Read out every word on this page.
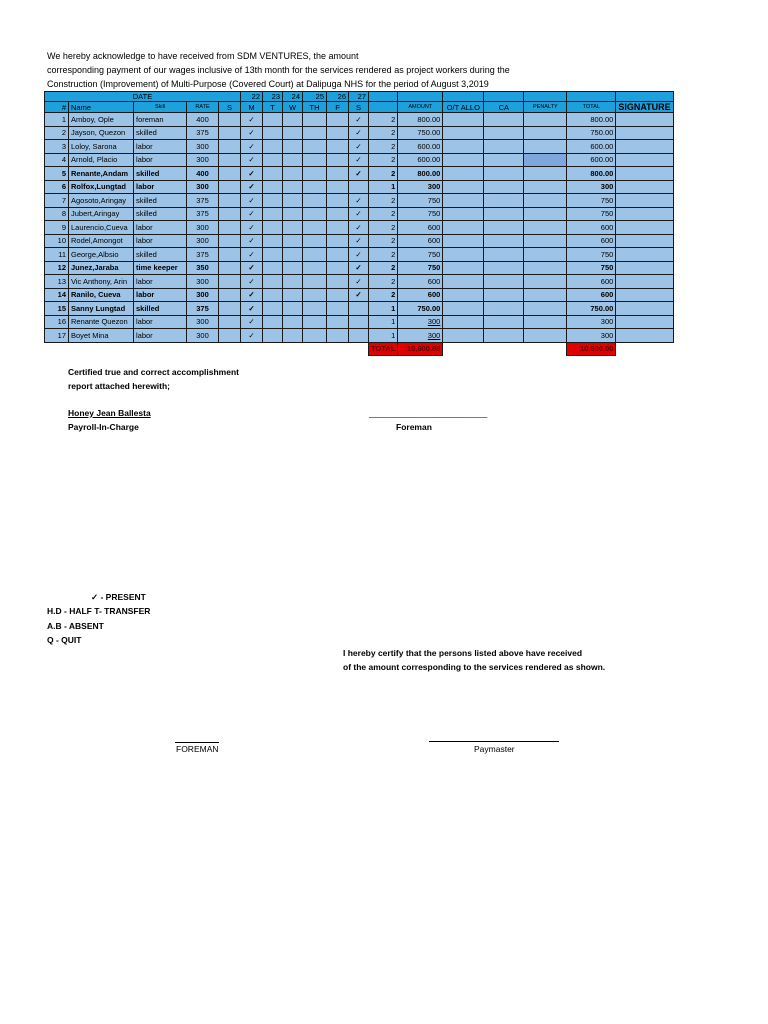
We hereby acknowledge to have received from SDM VENTURES, the amount
corresponding payment of our wages inclusive of 13th month for the services rendered as project workers during the
Construction (Improvement) of Multi-Purpose (Covered Court) at Dalipuga NHS for the period of August 3,2019
DATE					22	23	24	25	26	27							
#	Name	Skill	RATE	S	M	T	W	TH	F	S		AMOUNT	O/T ALLO	CA	PENALTY	TOTAL	SIGNATURE
1	Amboy, Ople	foreman	400		✓					✓	2	800.00				800.00	
2	Jayson, Quezon	skilled	375		✓					✓	2	750.00				750.00	
3	Loloy, Sarona	labor	300		✓					✓	2	600.00				600.00	
4	Arnold, Placio	labor	300		✓					✓	2	600.00				600.00	
5	Renante,Andam	skilled	400		✓					✓	2	800.00				800.00	
6	Rolfox,Lungtad	labor	300		✓						1	300				300	
7	Agosoto,Aringay	skilled	375		✓					✓	2	750				750	
8	Jubert,Aringay	skilled	375		✓					✓	2	750				750	
9	Laurencio,Cueva	labor	300		✓					✓	2	600				600	
10	Rodel,Amongot	labor	300		✓					✓	2	600				600	
11	George,Albsio	skilled	375		✓					✓	2	750				750	
12	Junez,Jaraba	time keeper	350		✓					✓	2	750				750	
13	Vic Anthony, Arin	labor	300		✓					✓	2	600				600	
14	Ranilo, Cueva	labor	300		✓					✓	2	600				600	
15	Sanny Lungtad	skilled	375		✓						1	750.00				750.00	
16	Renante Quezon	labor	300		✓						1	300				300	
17	Boyet Mina	labor	300		✓						1	300				300	
											TOTAL	10,600.00				10,600.00	
Certified true and correct accomplishment
report attached herewith;
Honey Jean Ballesta
Payroll-In-Charge
_________________________
Foreman
✓ - PRESENT
H.D - HALF T- TRANSFER
A.B - ABSENT
Q - QUIT
I hereby certify that the persons listed above have received
of the amount corresponding to the services rendered as shown.
FOREMAN	Paymaster
